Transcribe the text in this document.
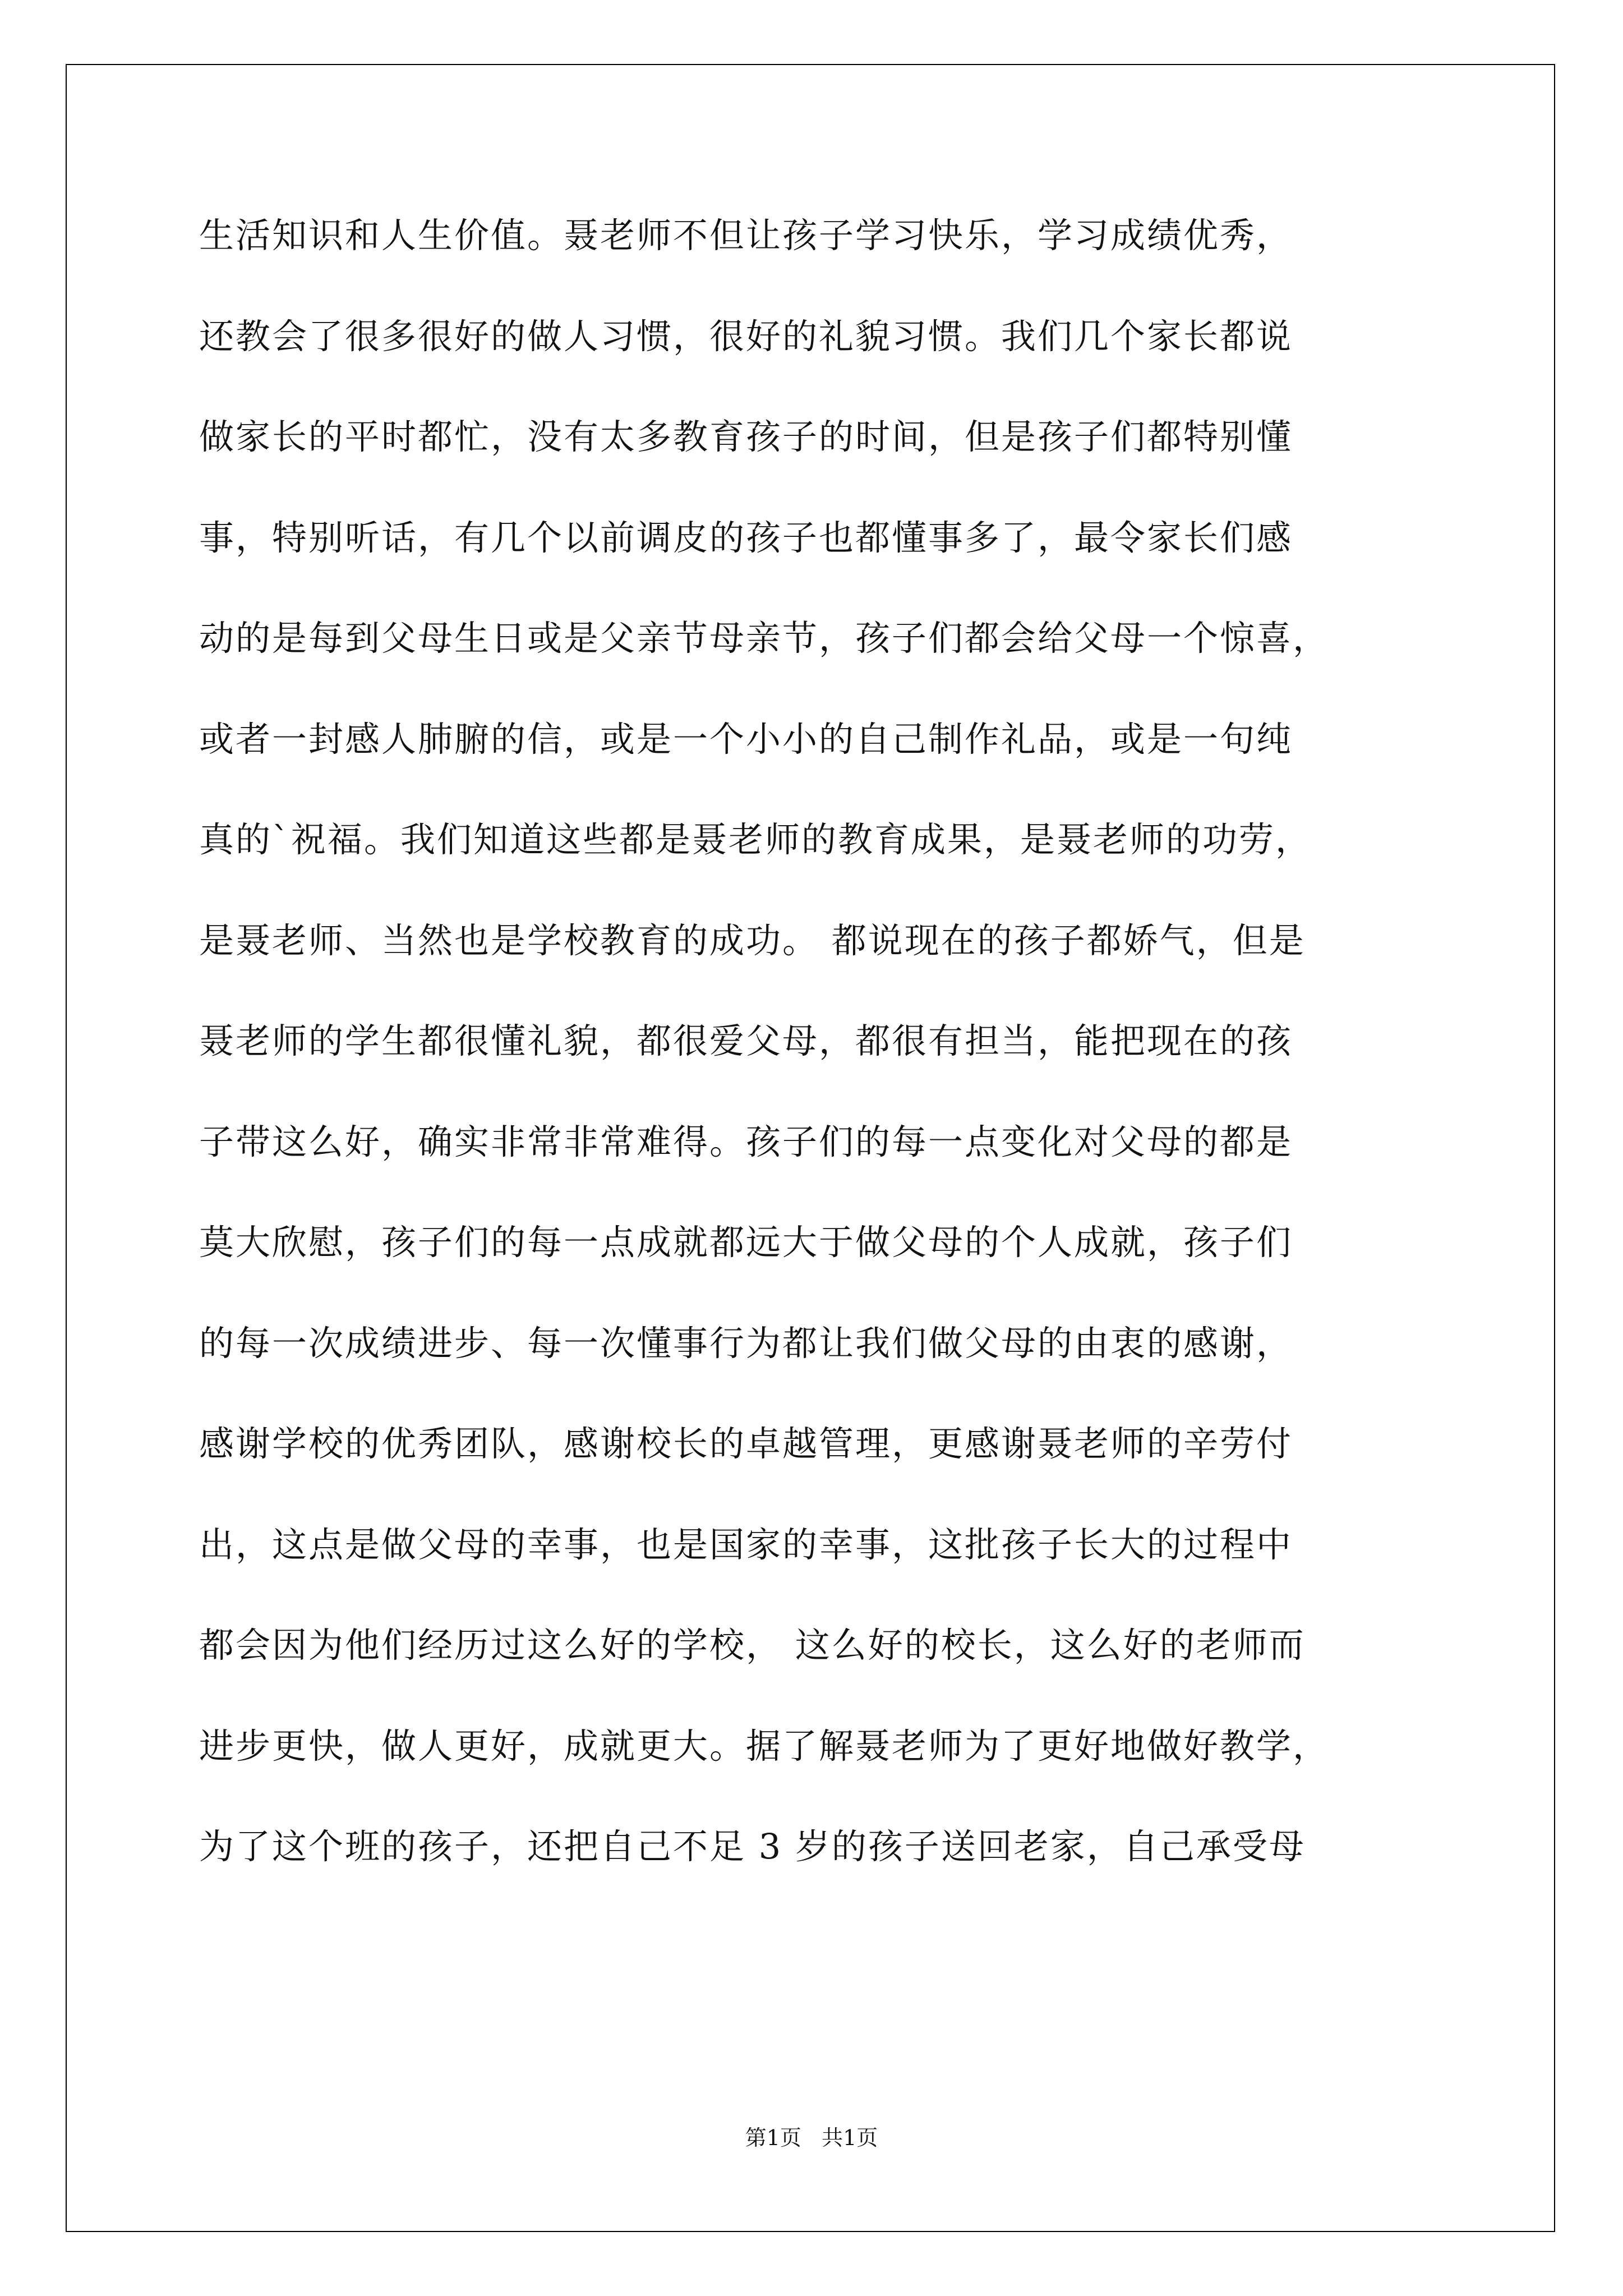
生活知识和人生价值。聂老师不但让孩子学习快乐，学习成绩优秀，
还教会了很多很好的做人习惯，很好的礼貌习惯。我们几个家长都说
做家长的平时都忙，没有太多教育孩子的时间，但是孩子们都特别懂
事，特别听话，有几个以前调皮的孩子也都懂事多了，最令家长们感
动的是每到父母生日或是父亲节母亲节，孩子们都会给父母一个惊喜，
或者一封感人肺腑的信，或是一个小小的自己制作礼品，或是一句纯
真的`祝福。我们知道这些都是聂老师的教育成果，是聂老师的功劳，
是聂老师、当然也是学校教育的成功。 都说现在的孩子都娇气，但是
聂老师的学生都很懂礼貌，都很爱父母，都很有担当，能把现在的孩
子带这么好，确实非常非常难得。孩子们的每一点变化对父母的都是
莫大欣慰，孩子们的每一点成就都远大于做父母的个人成就，孩子们
的每一次成绩进步、每一次懂事行为都让我们做父母的由衷的感谢，
感谢学校的优秀团队，感谢校长的卓越管理，更感谢聂老师的辛劳付
出，这点是做父母的幸事，也是国家的幸事，这批孩子长大的过程中
都会因为他们经历过这么好的学校， 这么好的校长，这么好的老师而
进步更快，做人更好，成就更大。据了解聂老师为了更好地做好教学，
为了这个班的孩子，还把自己不足 3 岁的孩子送回老家，自己承受母
第1页   共1页
